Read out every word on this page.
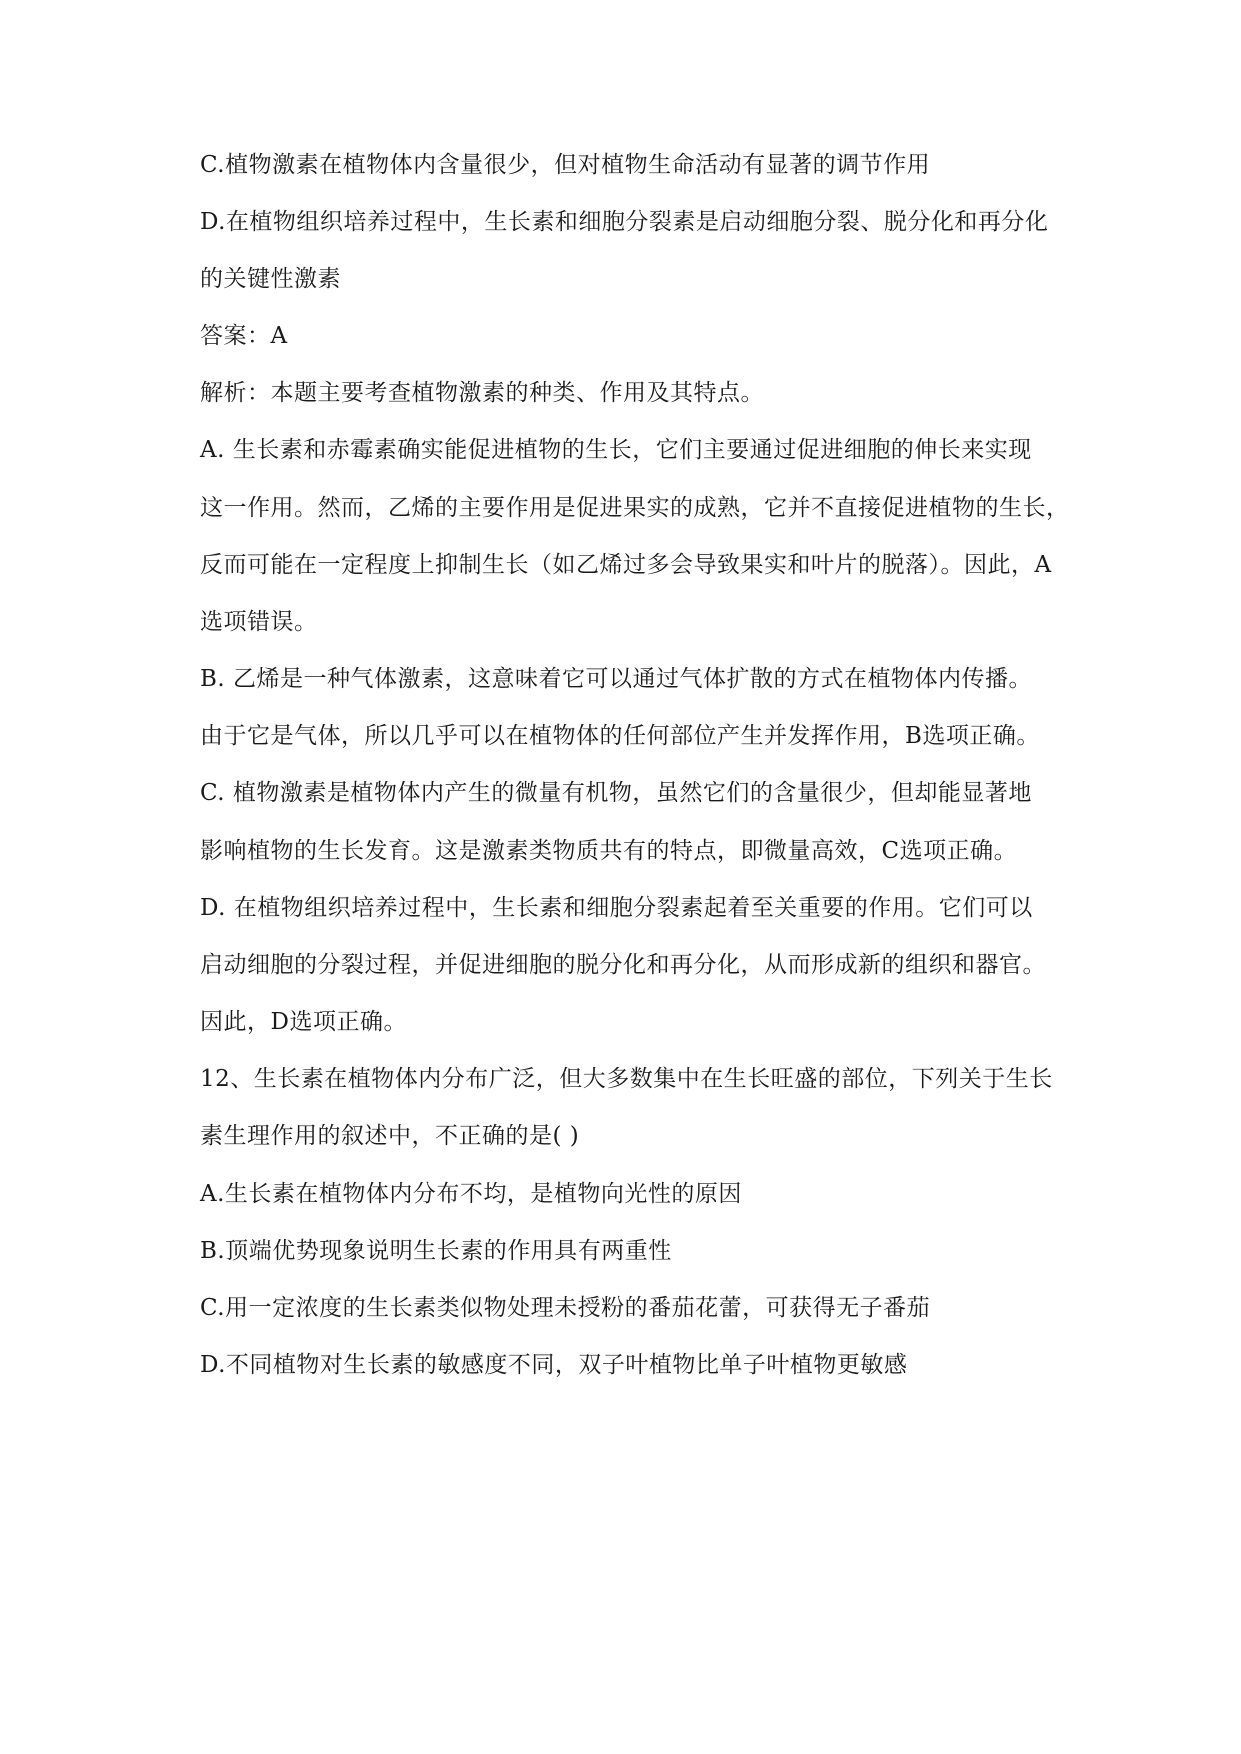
C.植物激素在植物体内含量很少，但对植物生命活动有显著的调节作用
D.在植物组织培养过程中，生长素和细胞分裂素是启动细胞分裂、脱分化和再分化
的关键性激素
答案：A
解析：本题主要考查植物激素的种类、作用及其特点。
A. 生长素和赤霉素确实能促进植物的生长，它们主要通过促进细胞的伸长来实现
这一作用。然而，乙烯的主要作用是促进果实的成熟，它并不直接促进植物的生长，
反而可能在一定程度上抑制生长（如乙烯过多会导致果实和叶片的脱落）。因此，A
选项错误。
B. 乙烯是一种气体激素，这意味着它可以通过气体扩散的方式在植物体内传播。
由于它是气体，所以几乎可以在植物体的任何部位产生并发挥作用，B选项正确。
C. 植物激素是植物体内产生的微量有机物，虽然它们的含量很少，但却能显著地
影响植物的生长发育。这是激素类物质共有的特点，即微量高效，C选项正确。
D. 在植物组织培养过程中，生长素和细胞分裂素起着至关重要的作用。它们可以
启动细胞的分裂过程，并促进细胞的脱分化和再分化，从而形成新的组织和器官。
因此，D选项正确。
12、生长素在植物体内分布广泛，但大多数集中在生长旺盛的部位，下列关于生长
素生理作用的叙述中，不正确的是( )
A.生长素在植物体内分布不均，是植物向光性的原因
B.顶端优势现象说明生长素的作用具有两重性
C.用一定浓度的生长素类似物处理未授粉的番茄花蕾，可获得无子番茄
D.不同植物对生长素的敏感度不同，双子叶植物比单子叶植物更敏感
